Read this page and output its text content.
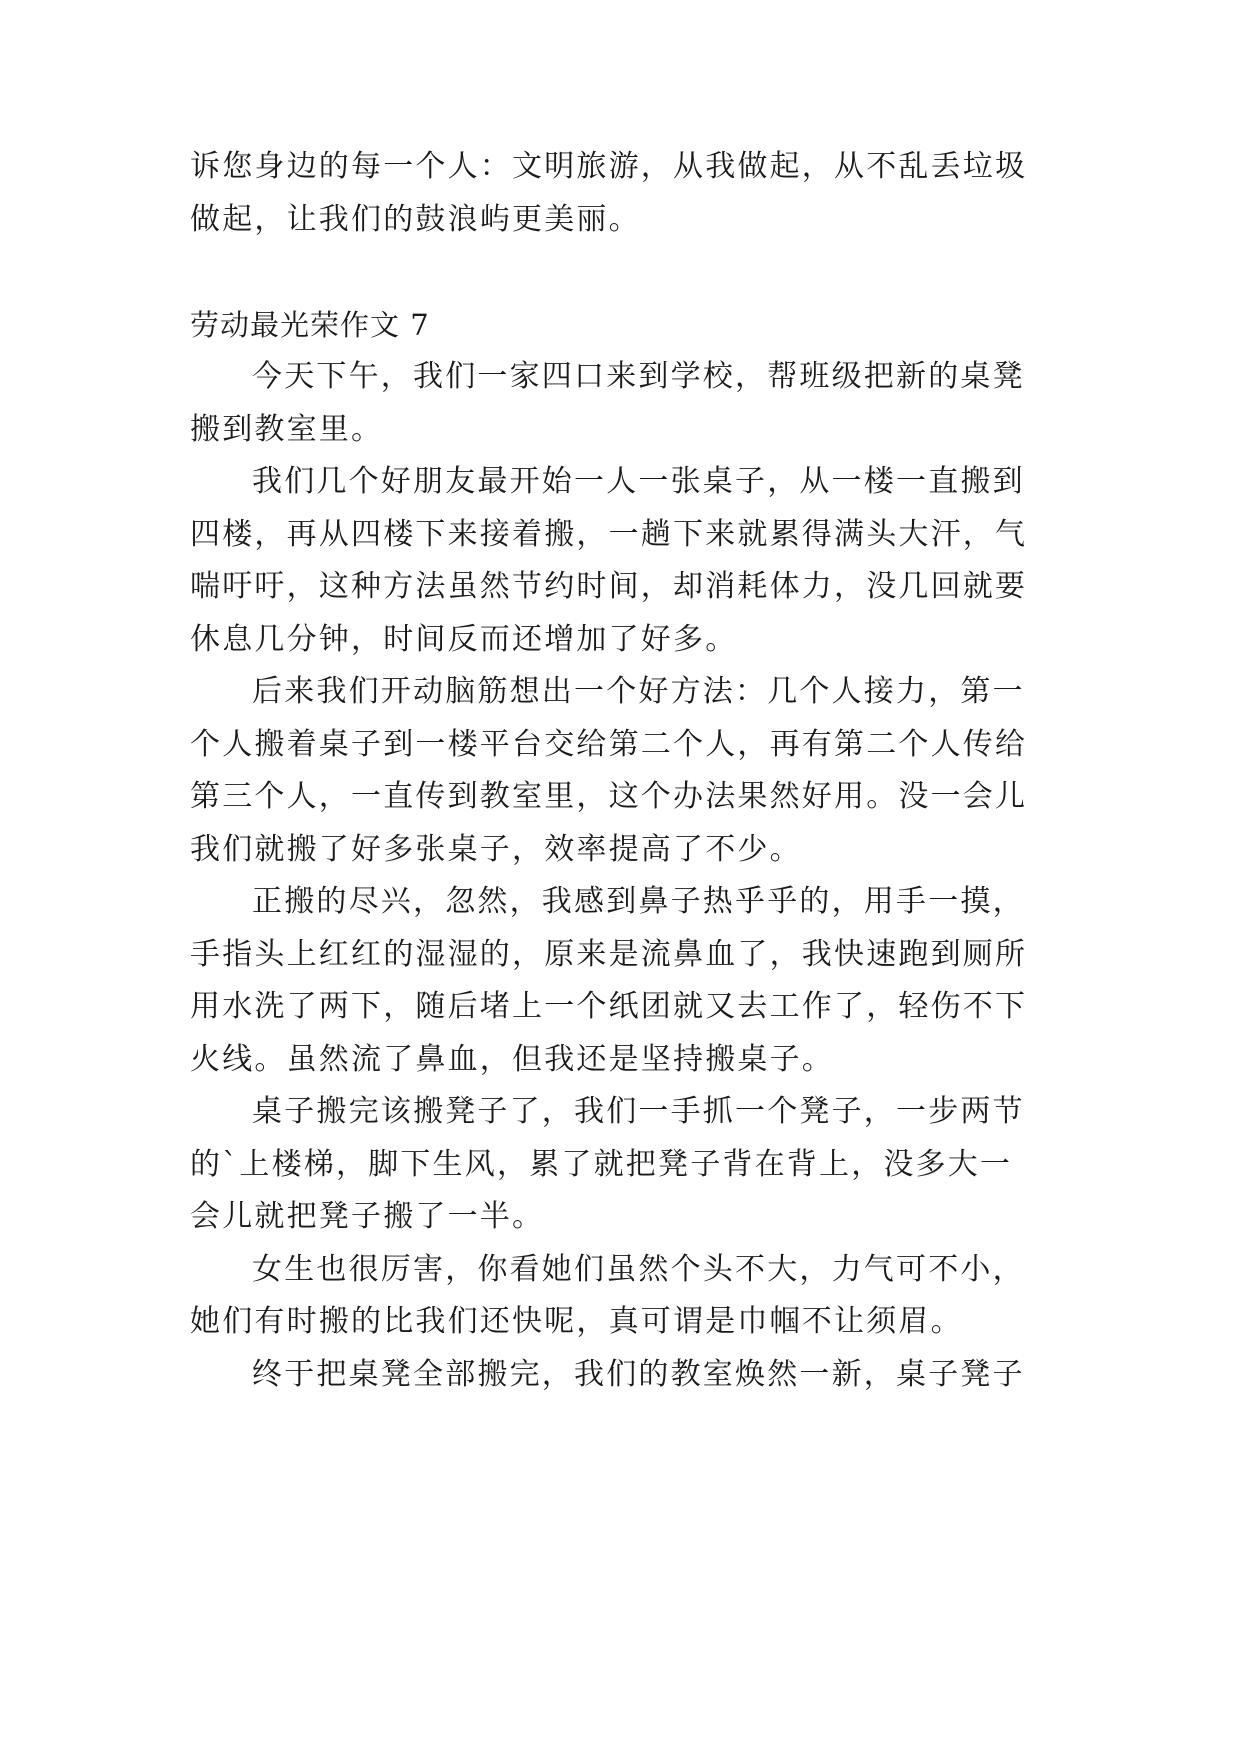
诉您身边的每一个人：文明旅游，从我做起，从不乱丢垃圾
做起，让我们的鼓浪屿更美丽。
劳动最光荣作文 7
今天下午，我们一家四口来到学校，帮班级把新的桌凳
搬到教室里。
我们几个好朋友最开始一人一张桌子，从一楼一直搬到
四楼，再从四楼下来接着搬，一趟下来就累得满头大汗，气
喘吁吁，这种方法虽然节约时间，却消耗体力，没几回就要
休息几分钟，时间反而还增加了好多。
后来我们开动脑筋想出一个好方法：几个人接力，第一
个人搬着桌子到一楼平台交给第二个人，再有第二个人传给
第三个人，一直传到教室里，这个办法果然好用。没一会儿
我们就搬了好多张桌子，效率提高了不少。
正搬的尽兴，忽然，我感到鼻子热乎乎的，用手一摸，
手指头上红红的湿湿的，原来是流鼻血了，我快速跑到厕所
用水洗了两下，随后堵上一个纸团就又去工作了，轻伤不下
火线。虽然流了鼻血，但我还是坚持搬桌子。
桌子搬完该搬凳子了，我们一手抓一个凳子，一步两节
的`上楼梯，脚下生风，累了就把凳子背在背上，没多大一
会儿就把凳子搬了一半。
女生也很厉害，你看她们虽然个头不大，力气可不小，
她们有时搬的比我们还快呢，真可谓是巾帼不让须眉。
终于把桌凳全部搬完，我们的教室焕然一新，桌子凳子
